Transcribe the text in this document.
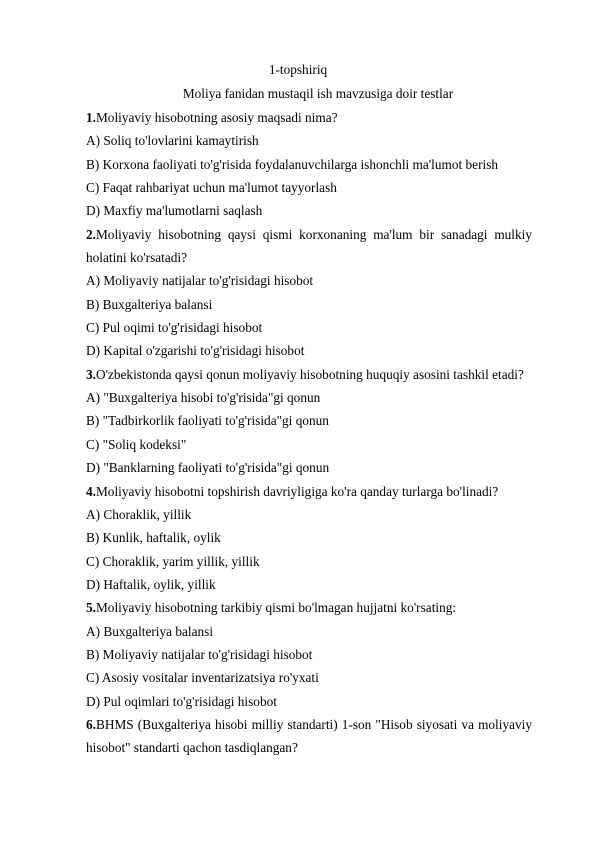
1-topshiriq
Moliya fanidan mustaqil ish mavzusiga doir testlar
1.Moliyaviy hisobotning asosiy maqsadi nima?
A) Soliq to'lovlarini kamaytirish
B) Korxona faoliyati to'g'risida foydalanuvchilarga ishonchli ma'lumot berish
C) Faqat rahbariyat uchun ma'lumot tayyorlash
D) Maxfiy ma'lumotlarni saqlash
2.Moliyaviy hisobotning qaysi qismi korxonaning ma'lum bir sanadagi mulkiy holatini ko'rsatadi?
A) Moliyaviy natijalar to'g'risidagi hisobot
B) Buxgalteriya balansi
C) Pul oqimi to'g'risidagi hisobot
D) Kapital o'zgarishi to'g'risidagi hisobot
3.O'zbekistonda qaysi qonun moliyaviy hisobotning huquqiy asosini tashkil etadi?
A) "Buxgalteriya hisobi to'g'risida"gi qonun
B) "Tadbirkorlik faoliyati to'g'risida"gi qonun
C) "Soliq kodeksi"
D) "Banklarning faoliyati to'g'risida"gi qonun
4.Moliyaviy hisobotni topshirish davriyligiga ko'ra qanday turlarga bo'linadi?
A) Choraklik, yillik
B) Kunlik, haftalik, oylik
C) Choraklik, yarim yillik, yillik
D) Haftalik, oylik, yillik
5.Moliyaviy hisobotning tarkibiy qismi bo'lmagan hujjatni ko'rsating:
A) Buxgalteriya balansi
B) Moliyaviy natijalar to'g'risidagi hisobot
C) Asosiy vositalar inventarizatsiya ro'yxati
D) Pul oqimlari to'g'risidagi hisobot
6.BHMS (Buxgalteriya hisobi milliy standarti) 1-son "Hisob siyosati va moliyaviy hisobot" standarti qachon tasdiqlangan?
